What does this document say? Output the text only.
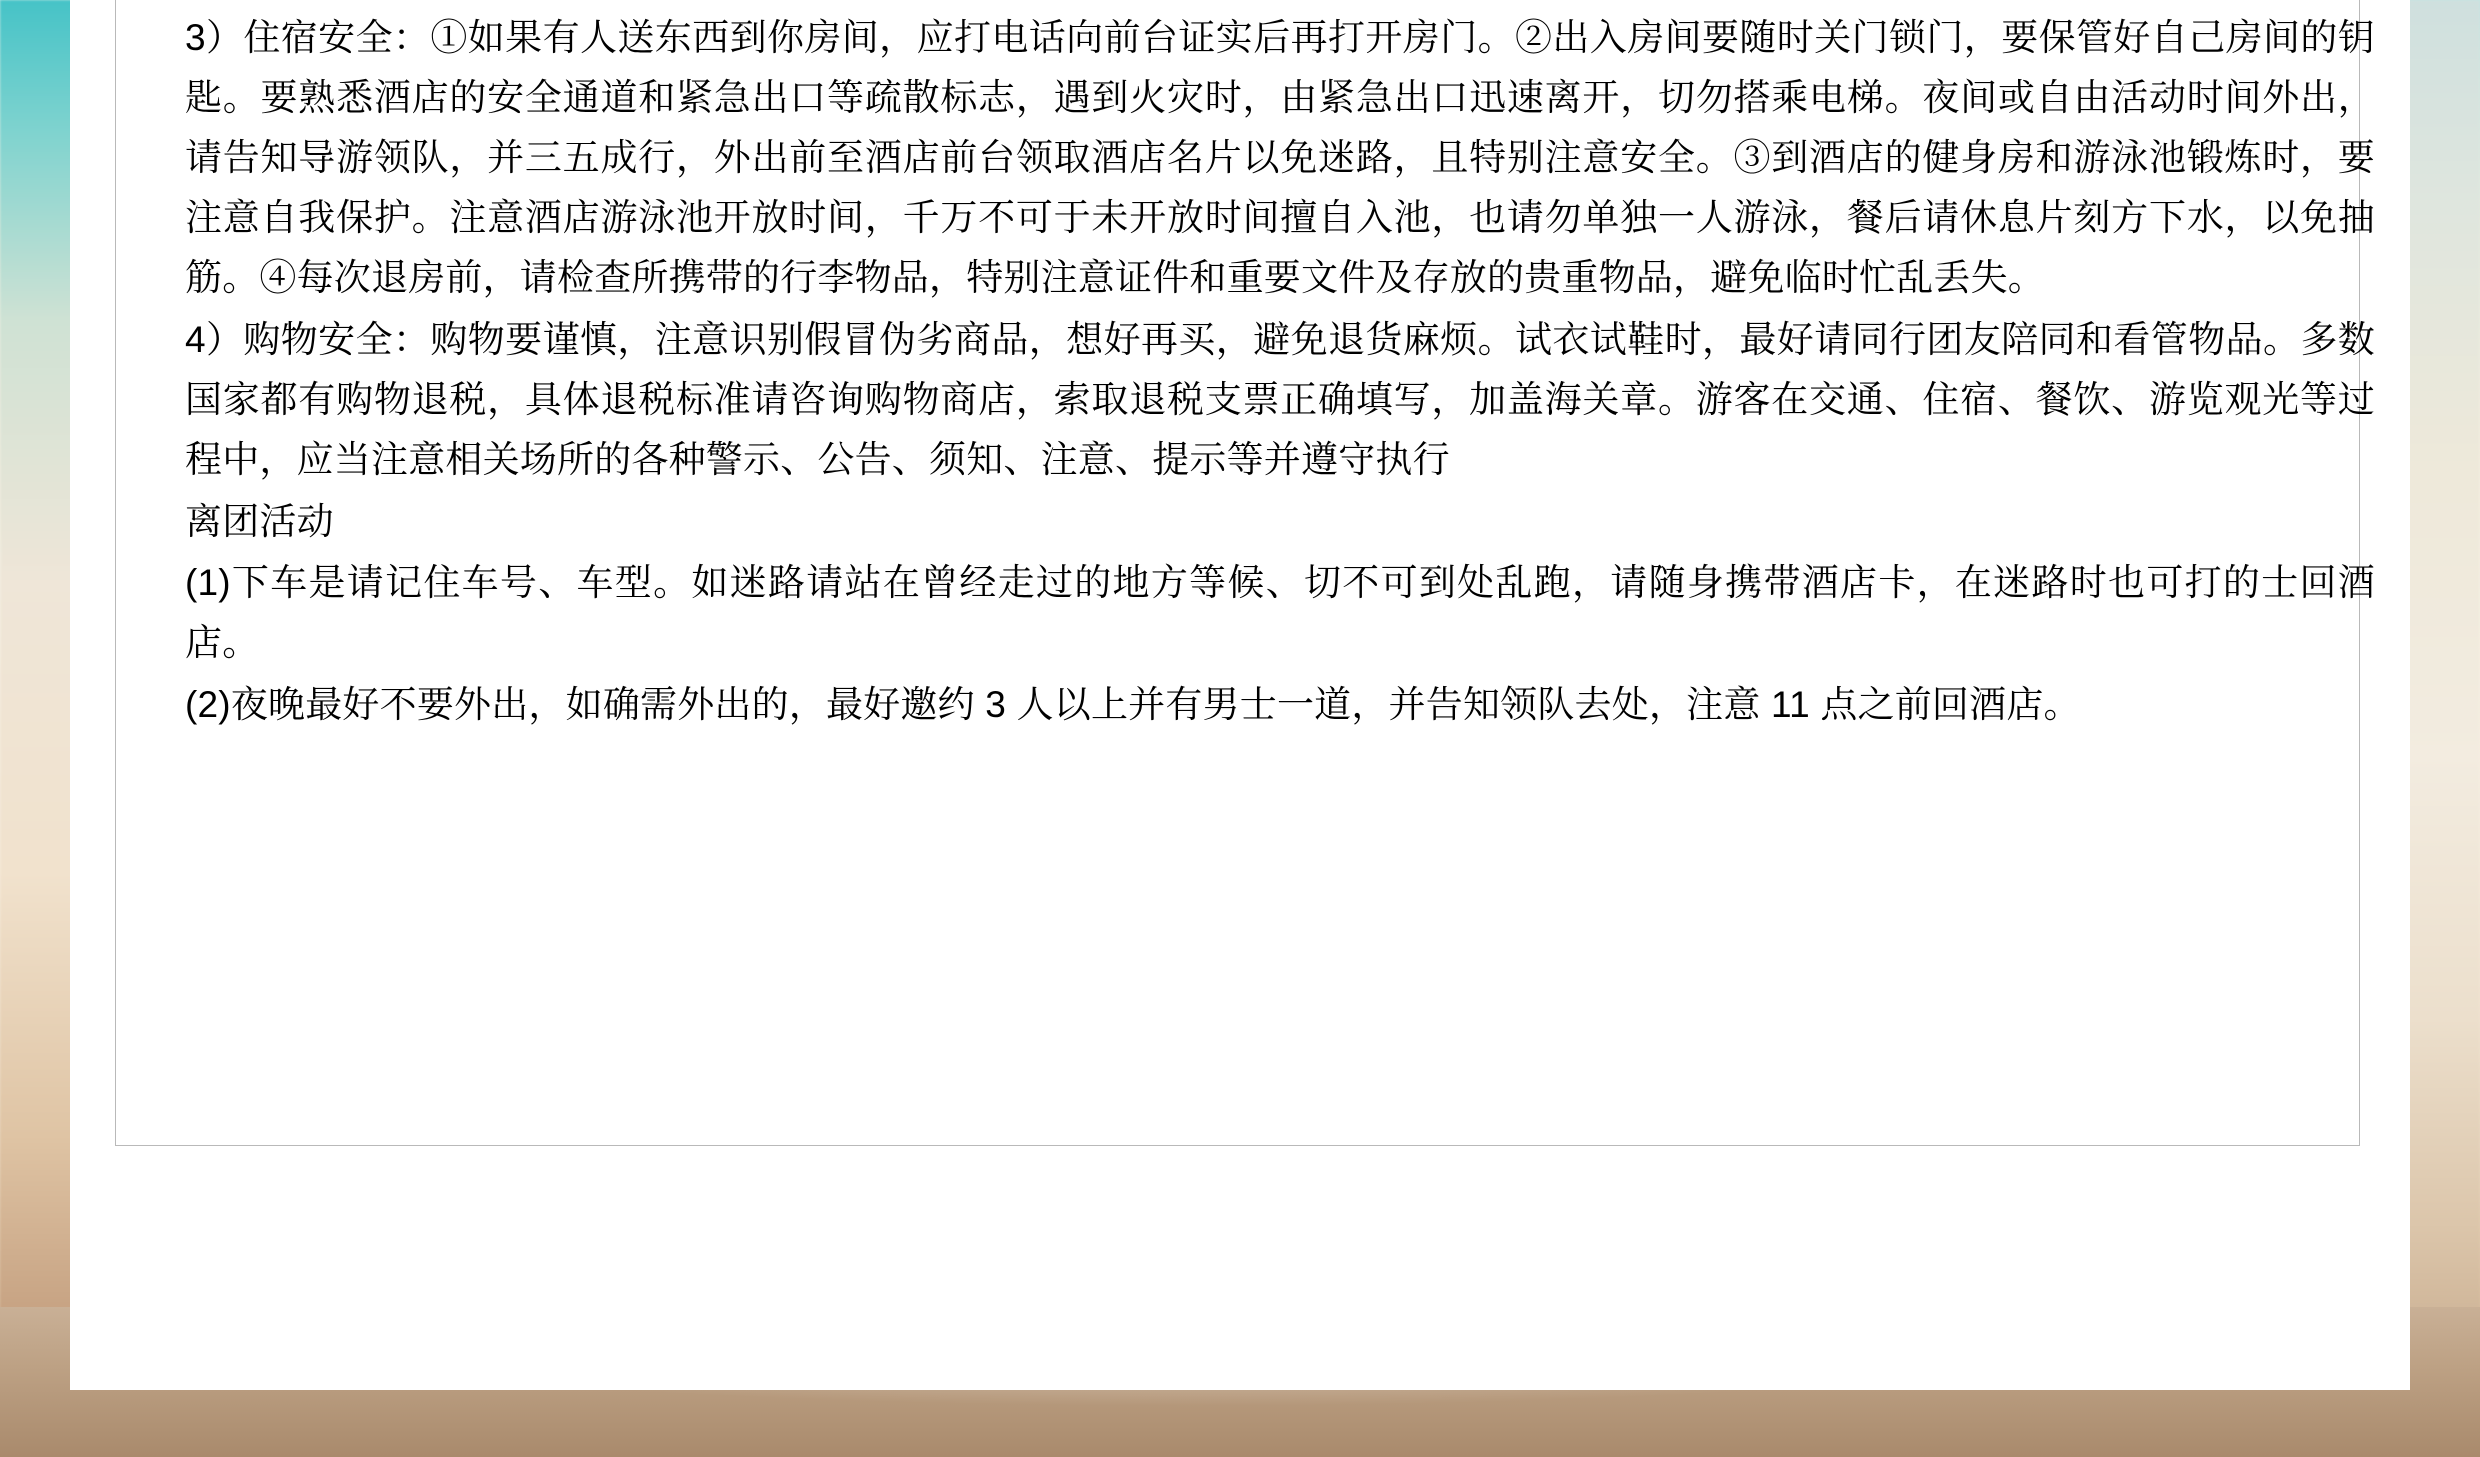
3）住宿安全：①如果有人送东西到你房间，应打电话向前台证实后再打开房门。②出入房间要随时关门锁门，要保管好自己房间的钥匙。要熟悉酒店的安全通道和紧急出口等疏散标志，遇到火灾时，由紧急出口迅速离开，切勿搭乘电梯。夜间或自由活动时间外出，请告知导游领队，并三五成行，外出前至酒店前台领取酒店名片以免迷路，且特别注意安全。③到酒店的健身房和游泳池锻炼时，要注意自我保护。注意酒店游泳池开放时间，千万不可于未开放时间擅自入池，也请勿单独一人游泳，餐后请休息片刻方下水，以免抽筋。④每次退房前，请检查所携带的行李物品，特别注意证件和重要文件及存放的贵重物品，避免临时忙乱丢失。

4）购物安全：购物要谨慎，注意识别假冒伪劣商品，想好再买，避免退货麻烦。试衣试鞋时，最好请同行团友陪同和看管物品。多数国家都有购物退税，具体退税标准请咨询购物商店，索取退税支票正确填写，加盖海关章。游客在交通、住宿、餐饮、游览观光等过程中，应当注意相关场所的各种警示、公告、须知、注意、提示等并遵守执行

离团活动

(1)下车是请记住车号、车型。如迷路请站在曾经走过的地方等候、切不可到处乱跑，请随身携带酒店卡，在迷路时也可打的士回酒店。

(2)夜晚最好不要外出，如确需外出的，最好邀约 3 人以上并有男士一道，并告知领队去处，注意 11 点之前回酒店。
